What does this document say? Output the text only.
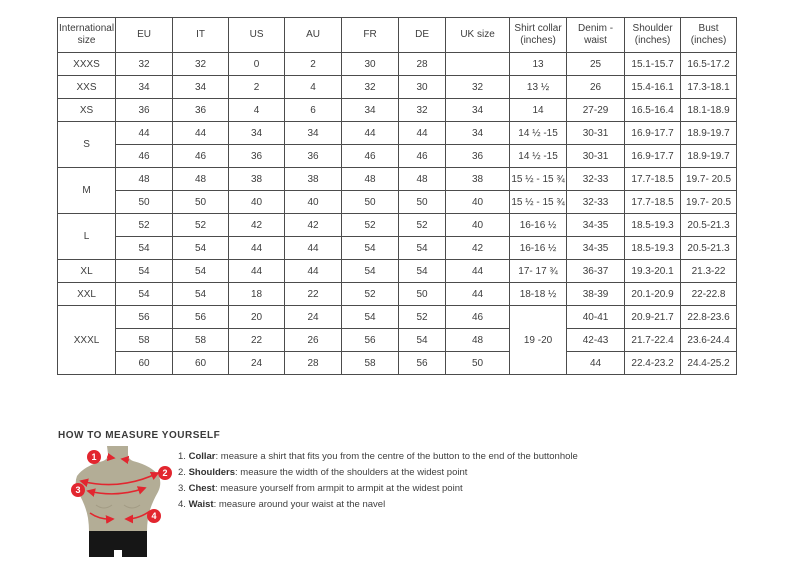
International size	EU	IT	US	AU	FR	DE	UK size	Shirt collar (inches)	Denim - waist	Shoulder (inches)	Bust (inches)
XXXS	32	32	0	2	30	28		13	25	15.1-15.7	16.5-17.2
XXS	34	34	2	4	32	30	32	13 ½	26	15.4-16.1	17.3-18.1
XS	36	36	4	6	34	32	34	14	27-29	16.5-16.4	18.1-18.9
S	44	44	34	34	44	44	34	14 ½ -15	30-31	16.9-17.7	18.9-19.7
	46	46	36	36	46	46	36	14 ½ -15	30-31	16.9-17.7	18.9-19.7
M	48	48	38	38	48	48	38	15 ½ - 15 ¾	32-33	17.7-18.5	19.7- 20.5
	50	50	40	40	50	50	40	15 ½ - 15 ¾	32-33	17.7-18.5	19.7- 20.5
L	52	52	42	42	52	52	40	16-16 ½	34-35	18.5-19.3	20.5-21.3
	54	54	44	44	54	54	42	16-16 ½	34-35	18.5-19.3	20.5-21.3
XL	54	54	44	44	54	54	44	17- 17 ¾	36-37	19.3-20.1	21.3-22
XXL	54	54	18	22	52	50	44	18-18 ½	38-39	20.1-20.9	22-22.8
XXXL	56	56	20	24	54	52	46	19 -20	40-41	20.9-21.7	22.8-23.6
	58	58	22	26	56	54	48		42-43	21.7-22.4	23.6-24.4
	60	60	24	28	58	56	50		44	22.4-23.2	24.4-25.2
HOW TO MEASURE YOURSELF
1
2
3
4
1. Collar: measure a shirt that fits you from the centre of the button to the end of the buttonhole
2. Shoulders: measure the width of the shoulders at the widest point
3. Chest: measure yourself from armpit to armpit at the widest point
4. Waist: measure around your waist at the navel
